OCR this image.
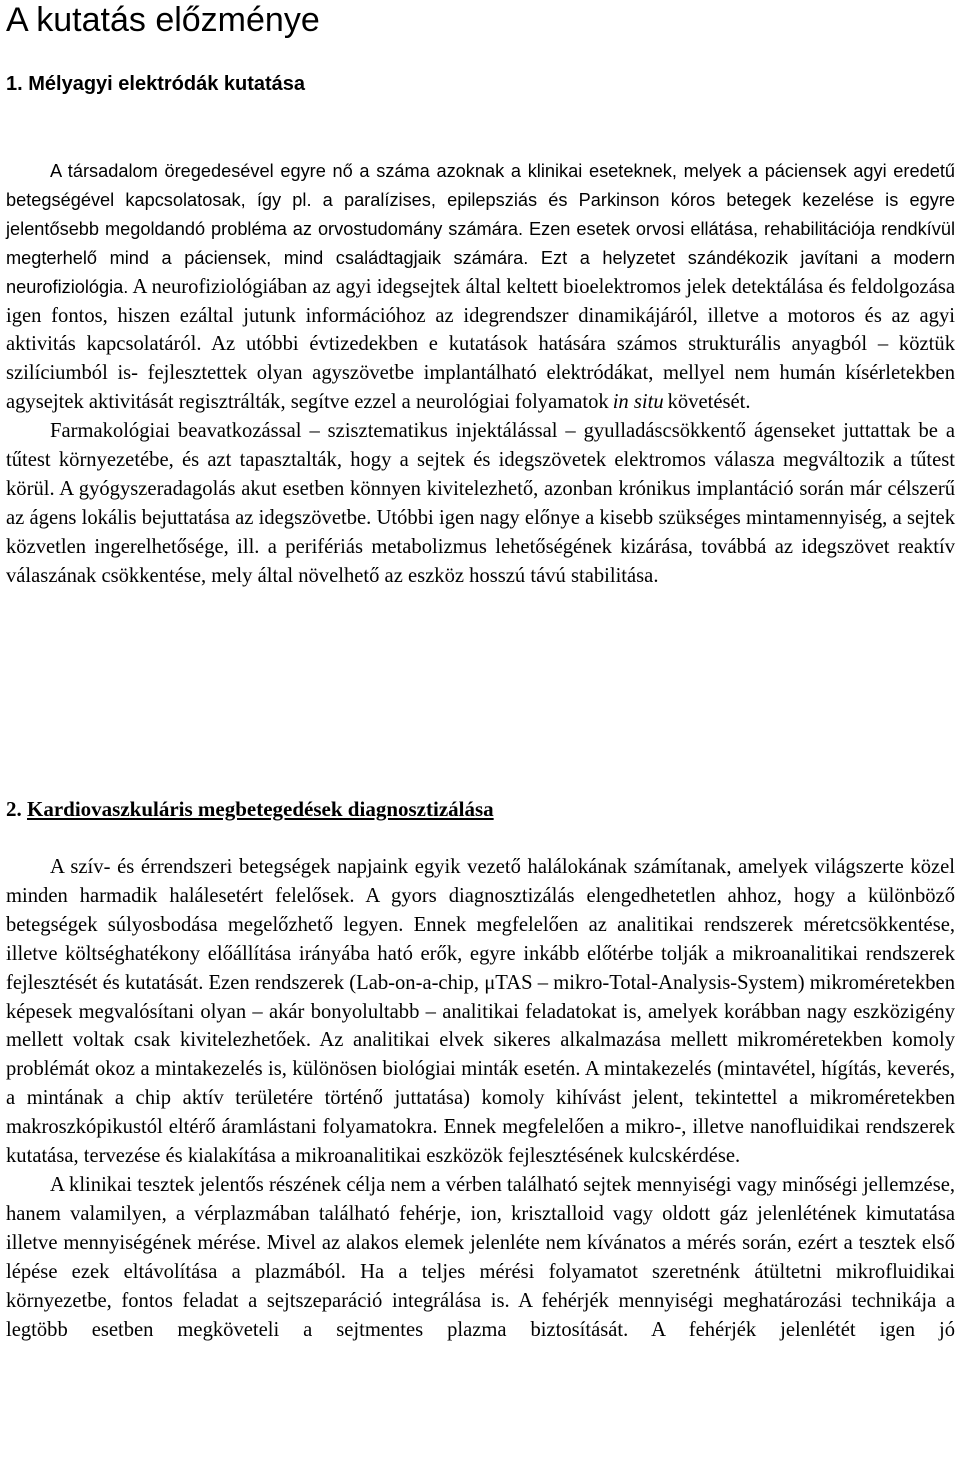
A kutatás előzménye
1. Mélyagyi elektródák kutatása

A társadalom öregedesével egyre nő a száma azoknak a klinikai eseteknek, melyek a páciensek agyi eredetű betegségével kapcsolatosak, így pl. a paralízises, epilepsziás és Parkinson kóros betegek kezelése is egyre jelentősebb megoldandó probléma az orvostudomány számára. Ezen esetek orvosi ellátása, rehabilitációja rendkívül megterhelő mind a páciensek, mind családtagjaik számára. Ezt a helyzetet szándékozik javítani a modern neurofiziológia. A neurofiziológiában az agyi idegsejtek által keltett bioelektromos jelek detektálása és feldolgozása igen fontos, hiszen ezáltal jutunk információhoz az idegrendszer dinamikájáról, illetve a motoros és az agyi aktivitás kapcsolatáról. Az utóbbi évtizedekben e kutatások hatására számos strukturális anyagból – köztük szilíciumból is- fejlesztettek olyan agyszövetbe implantálható elektródákat, mellyel nem humán kísérletekben agysejtek aktivitását regisztrálták, segítve ezzel a neurológiai folyamatok in situ követését.
Farmakológiai beavatkozással – szisztematikus injektálással – gyulladáscsökkentő ágenseket juttattak be a tűtest környezetébe, és azt tapasztalták, hogy a sejtek és idegszövetek elektromos válasza megváltozik a tűtest körül. A gyógyszeradagolás akut esetben könnyen kivitelezhető, azonban krónikus implantáció során már célszerű az ágens lokális bejuttatása az idegszövetbe. Utóbbi igen nagy előnye a kisebb szükséges mintamennyiség, a sejtek közvetlen ingerelhetősége, ill. a perifériás metabolizmus lehetőségének kizárása, továbbá az idegszövet reaktív válaszának csökkentése, mely által növelhető az eszköz hosszú távú stabilitása.

2. Kardiovaszkuláris megbetegedések diagnosztizálása

A szív- és érrendszeri betegségek napjaink egyik vezető halálokának számítanak, amelyek világszerte közel minden harmadik halálesetért felelősek. A gyors diagnosztizálás elengedhetetlen ahhoz, hogy a különböző betegségek súlyosbodása megelőzhető legyen. Ennek megfelelően az analitikai rendszerek méretcsökkentése, illetve költséghatékony előállítása irányába ható erők, egyre inkább előtérbe tolják a mikroanalitikai rendszerek fejlesztését és kutatását. Ezen rendszerek (Lab-on-a-chip, μTAS – mikro-Total-Analysis-System) mikroméretekben képesek megvalósítani olyan – akár bonyolultabb – analitikai feladatokat is, amelyek korábban nagy eszközigény mellett voltak csak kivitelezhetőek. Az analitikai elvek sikeres alkalmazása mellett mikroméretekben komoly problémát okoz a mintakezelés is, különösen biológiai minták esetén. A mintakezelés (mintavétel, hígítás, keverés, a mintának a chip aktív területére történő juttatása) komoly kihívást jelent, tekintettel a mikroméretekben makroszkópikustól eltérő áramlástani folyamatokra. Ennek megfelelően a mikro-, illetve nanofluidikai rendszerek kutatása, tervezése és kialakítása a mikroanalitikai eszközök fejlesztésének kulcskérdése.

A klinikai tesztek jelentős részének célja nem a vérben található sejtek mennyiségi vagy minőségi jellemzése, hanem valamilyen, a vérplazmában található fehérje, ion, krisztalloid vagy oldott gáz jelenlétének kimutatása illetve mennyiségének mérése. Mivel az alakos elemek jelenléte nem kívánatos a mérés során, ezért a tesztek első lépése ezek eltávolítása a plazmából. Ha a teljes mérési folyamatot szeretnénk átültetni mikrofluidikai környezetbe, fontos feladat a sejtszeparáció integrálása is. A fehérjék mennyiségi meghatározási technikája a legtöbb esetben megköveteli a sejtmentes plazma biztosítását. A fehérjék jelenlétét igen jó
